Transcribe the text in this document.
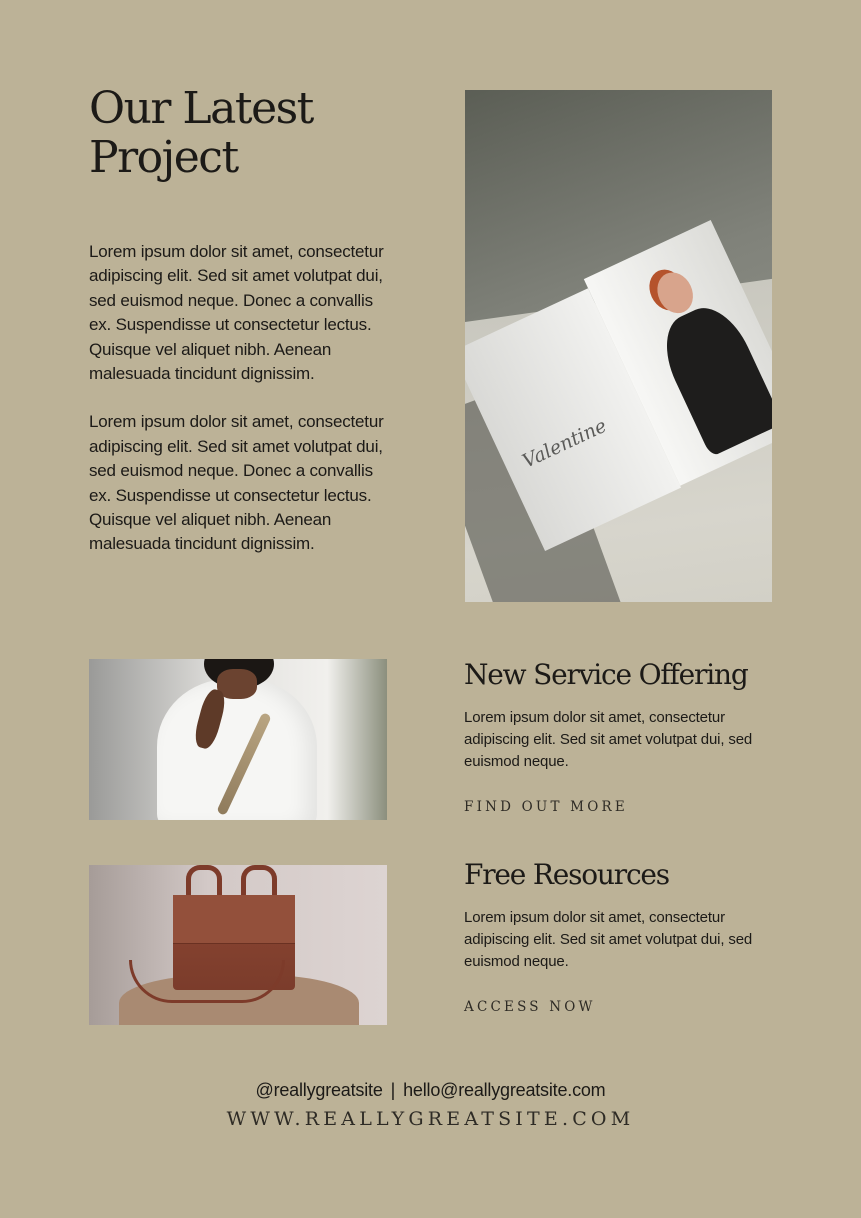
Our Latest
Project

Lorem ipsum dolor sit amet, consectetur adipiscing elit. Sed sit amet volutpat dui, sed euismod neque. Donec a convallis ex. Suspendisse ut consectetur lectus. Quisque vel aliquet nibh. Aenean malesuada tincidunt dignissim.

Lorem ipsum dolor sit amet, consectetur adipiscing elit. Sed sit amet volutpat dui, sed euismod neque. Donec a convallis ex. Suspendisse ut consectetur lectus. Quisque vel aliquet nibh. Aenean malesuada tincidunt dignissim.

Valentine
New Service Offering

Lorem ipsum dolor sit amet, consectetur adipiscing elit. Sed sit amet volutpat dui, sed euismod neque.

FIND OUT MORE
Free Resources

Lorem ipsum dolor sit amet, consectetur adipiscing elit. Sed sit amet volutpat dui, sed euismod neque.

ACCESS NOW
@reallygreatsite | hello@reallygreatsite.com
WWW.REALLYGREATSITE.COM
